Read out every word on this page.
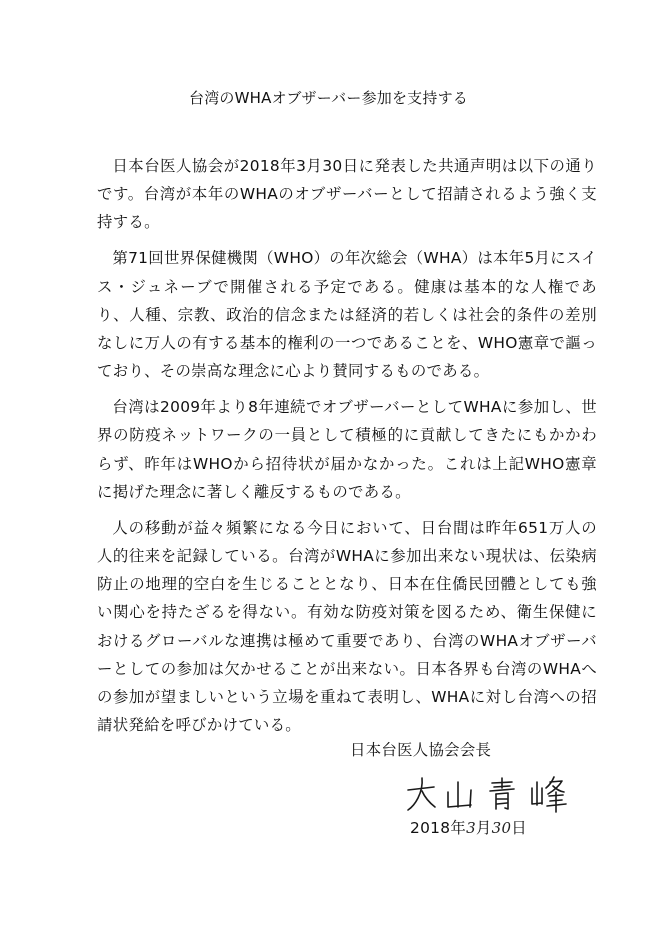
台湾のWHAオブザーバー参加を支持する

日本台医人協会が2018年3月30日に発表した共通声明は以下の通りです。台湾が本年のWHAのオブザーバーとして招請されるよう強く支持する。

第71回世界保健機関（WHO）の年次総会（WHA）は本年5月にスイス・ジュネーブで開催される予定である。健康は基本的な人権であり、人種、宗教、政治的信念または経済的若しくは社会的条件の差別なしに万人の有する基本的権利の一つであることを、WHO憲章で謳っており、その崇高な理念に心より賛同するものである。

台湾は2009年より8年連続でオブザーバーとしてWHAに参加し、世界の防疫ネットワークの一員として積極的に貢献してきたにもかかわらず、昨年はWHOから招待状が届かなかった。これは上記WHO憲章に掲げた理念に著しく離反するものである。

人の移動が益々頻繁になる今日において、日台間は昨年651万人の人的往来を記録している。台湾がWHAに参加出来ない現状は、伝染病防止の地理的空白を生じることとなり、日本在住僑民団體としても強い関心を持たざるを得ない。有効な防疫対策を図るため、衛生保健におけるグローバルな連携は極めて重要であり、台湾のWHAオブザーバーとしての参加は欠かせることが出来ない。日本各界も台湾のWHAへの参加が望ましいという立場を重ねて表明し、WHAに対し台湾への招請状発給を呼びかけている。

日本台医人協会会長
2018年3月30日
